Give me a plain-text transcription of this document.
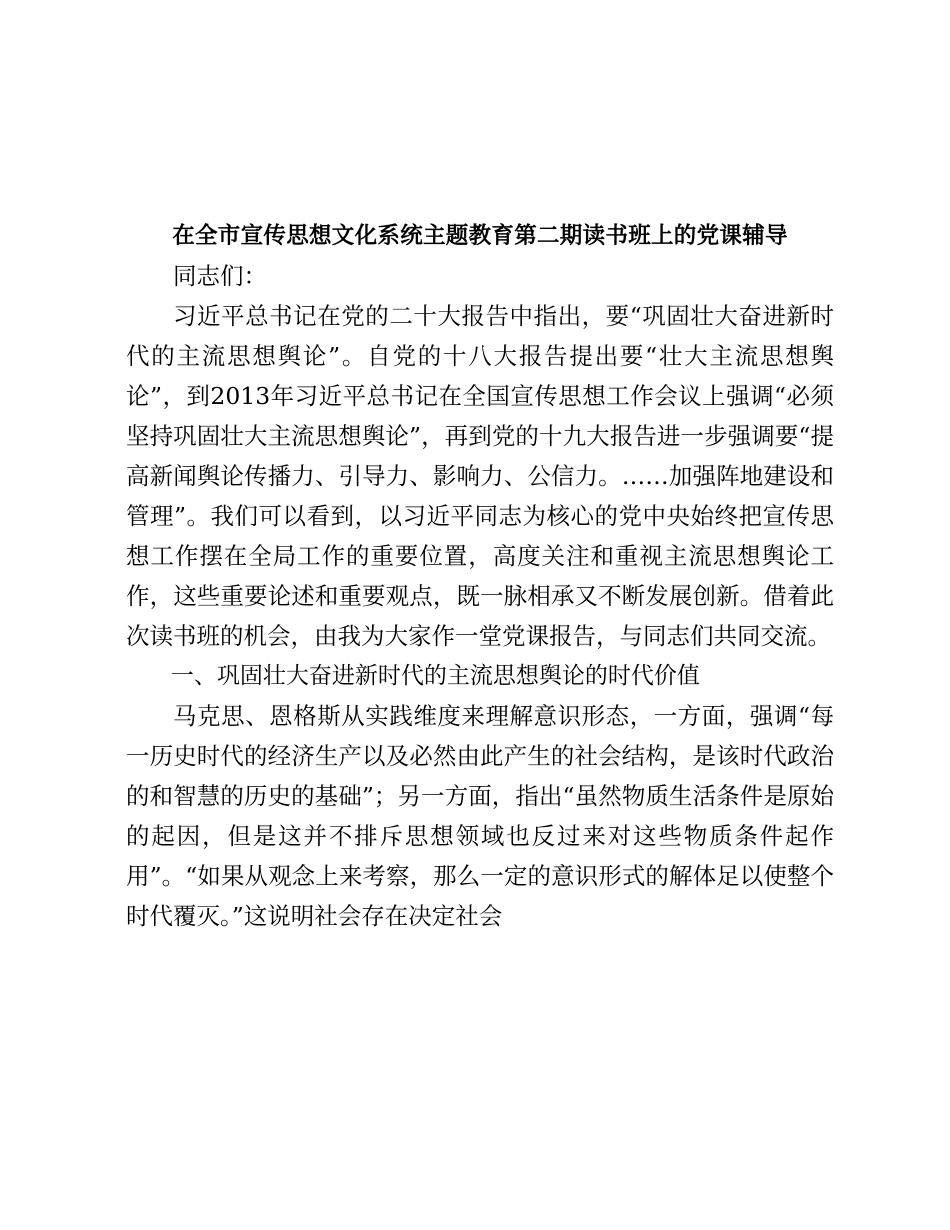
在全市宣传思想文化系统主题教育第二期读书班上的党课辅导

同志们：

习近平总书记在党的二十大报告中指出，要“巩固壮大奋进新时代的主流思想舆论”。自党的十八大报告提出要“壮大主流思想舆论”，到2013年习近平总书记在全国宣传思想工作会议上强调“必须坚持巩固壮大主流思想舆论”，再到党的十九大报告进一步强调要“提高新闻舆论传播力、引导力、影响力、公信力。……加强阵地建设和管理”。我们可以看到，以习近平同志为核心的党中央始终把宣传思想工作摆在全局工作的重要位置，高度关注和重视主流思想舆论工作，这些重要论述和重要观点，既一脉相承又不断发展创新。借着此次读书班的机会，由我为大家作一堂党课报告，与同志们共同交流。

一、巩固壮大奋进新时代的主流思想舆论的时代价值

马克思、恩格斯从实践维度来理解意识形态，一方面，强调“每一历史时代的经济生产以及必然由此产生的社会结构，是该时代政治的和智慧的历史的基础”；另一方面，指出“虽然物质生活条件是原始的起因，但是这并不排斥思想领域也反过来对这些物质条件起作用”。“如果从观念上来考察，那么一定的意识形式的解体足以使整个时代覆灭。”这说明社会存在决定社会
